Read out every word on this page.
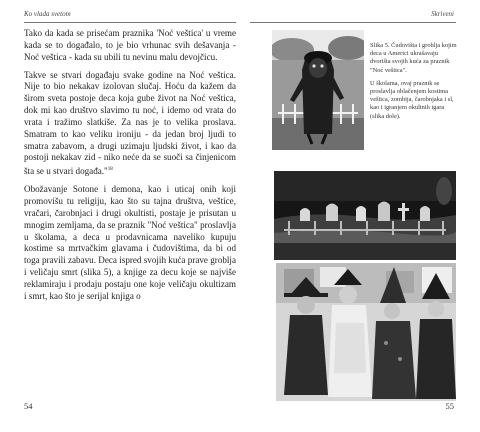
Ko vlada svetom	Skriveni

Tako da kada se prisećam praznika 'Noć veštica' u vreme kada se to događalo, to je bio vrhunac svih dešavanja - Noć veštica - kada su ubili tu nevinu malu devojčicu.

Takve se stvari događaju svake godine na Noć veštica. Nije to bio nekakav izolovan slučaj. Hoću da kažem da širom sveta postoje deca koja gube život na Noć veštica, dok mi kao društvo slavimo tu noć, i idemo od vrata do vrata i tražimo slatkiše. Za nas je to velika proslava. Smatram to kao veliku ironiju - da jedan broj ljudi to smatra zabavom, a drugi uzimaju ljudski život, i kao da postoji nekakav zid - niko neće da se suoči sa činjenicom šta se u stvari događa."$^{18}$

Obožavanje Sotone i demona, kao i uticaj onih koji promovišu tu religiju, kao što su tajna društva, veštice, vračari, čarobnjaci i drugi okultisti, postaje je prisutan u mnogim zemljama, da se praznik "Noć veštica" proslavlja u školama, a deca u prodavnicama naveliko kupuju kostime sa mrtvačkim glavama i čudovištima, da bi od toga pravili zabavu. Deca ispred svojih kuća prave groblja i veličaju smrt (slika 5), a knjige za decu koje se najviše reklamiraju i prodaju postaju one koje veličaju okultizam i smrt, kao što je serijal knjiga o

Slika 5. Čudovišta i groblja kojim deca u Americi ukrašavaju dvorišta svojih kuća za praznik "Noć veštica".

U školama, ovaj praznik se proslavlja oblačenjem kostima veštica, zombija, čarobnjaka i sl, kao i igranjem okultnih igara (slika dole).

54	55
